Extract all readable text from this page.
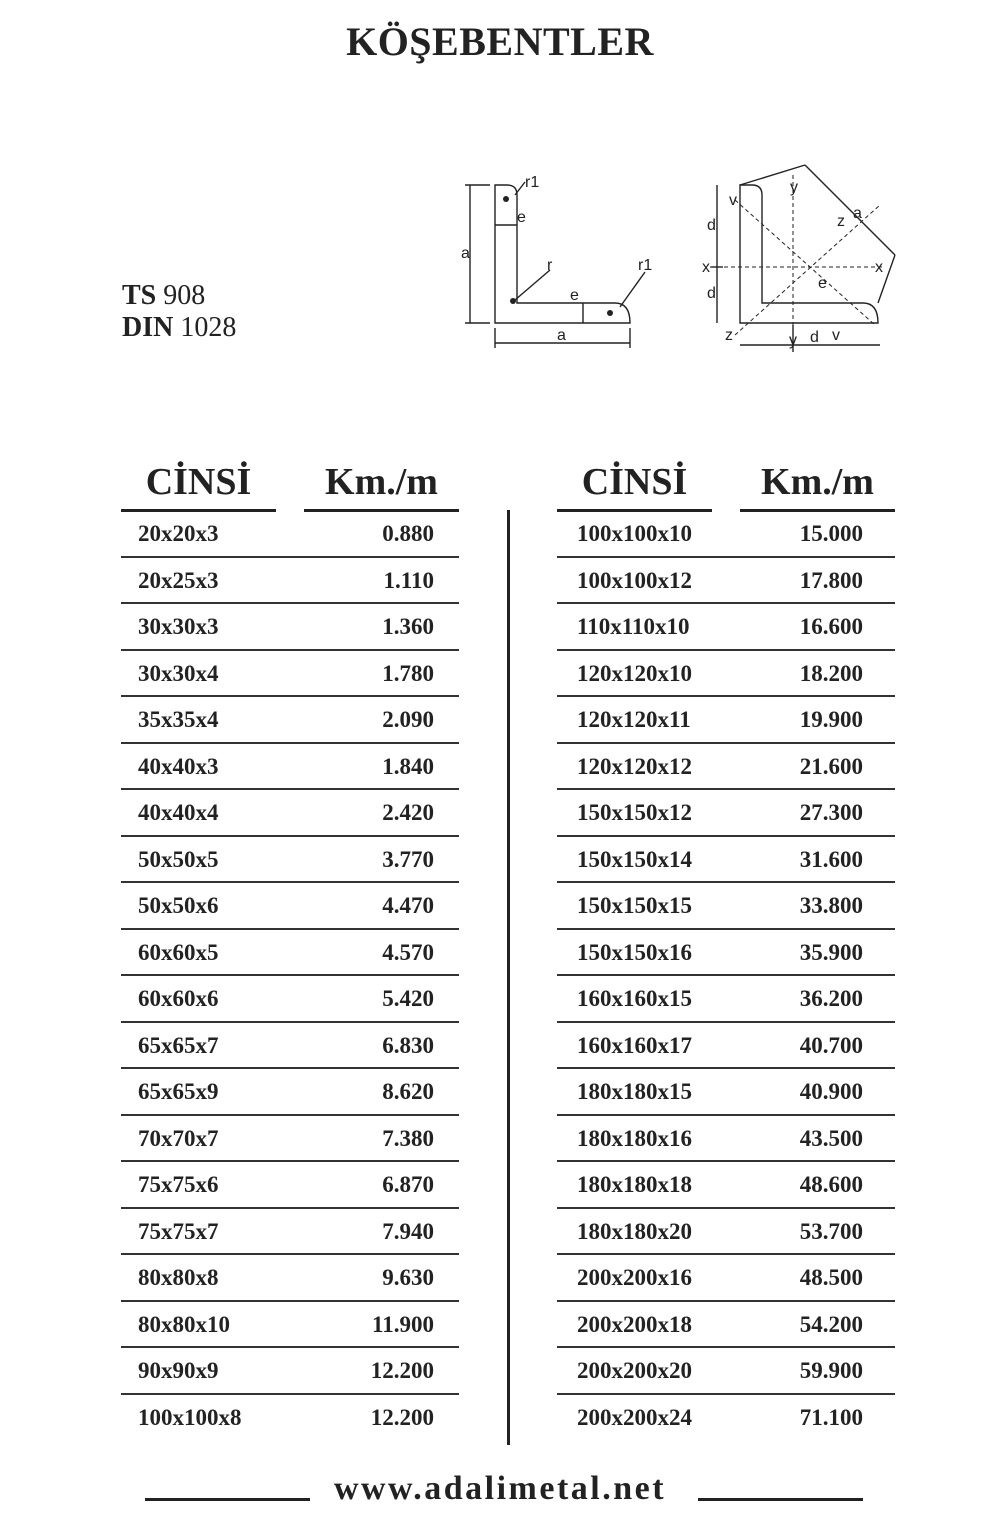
KÖŞEBENTLER
TS 908
DIN 1028
a
a
r1
r1
r
e
e
y
v
a
z
d
x	x
d
e
z	y d v
CİNSİ	Km./m
20x20x3	0.880
20x25x3	1.110
30x30x3	1.360
30x30x4	1.780
35x35x4	2.090
40x40x3	1.840
40x40x4	2.420
50x50x5	3.770
50x50x6	4.470
60x60x5	4.570
60x60x6	5.420
65x65x7	6.830
65x65x9	8.620
70x70x7	7.380
75x75x6	6.870
75x75x7	7.940
80x80x8	9.630
80x80x10	11.900
90x90x9	12.200
100x100x8	12.200
CİNSİ	Km./m
100x100x10	15.000
100x100x12	17.800
110x110x10	16.600
120x120x10	18.200
120x120x11	19.900
120x120x12	21.600
150x150x12	27.300
150x150x14	31.600
150x150x15	33.800
150x150x16	35.900
160x160x15	36.200
160x160x17	40.700
180x180x15	40.900
180x180x16	43.500
180x180x18	48.600
180x180x20	53.700
200x200x16	48.500
200x200x18	54.200
200x200x20	59.900
200x200x24	71.100
www.adalimetal.net
